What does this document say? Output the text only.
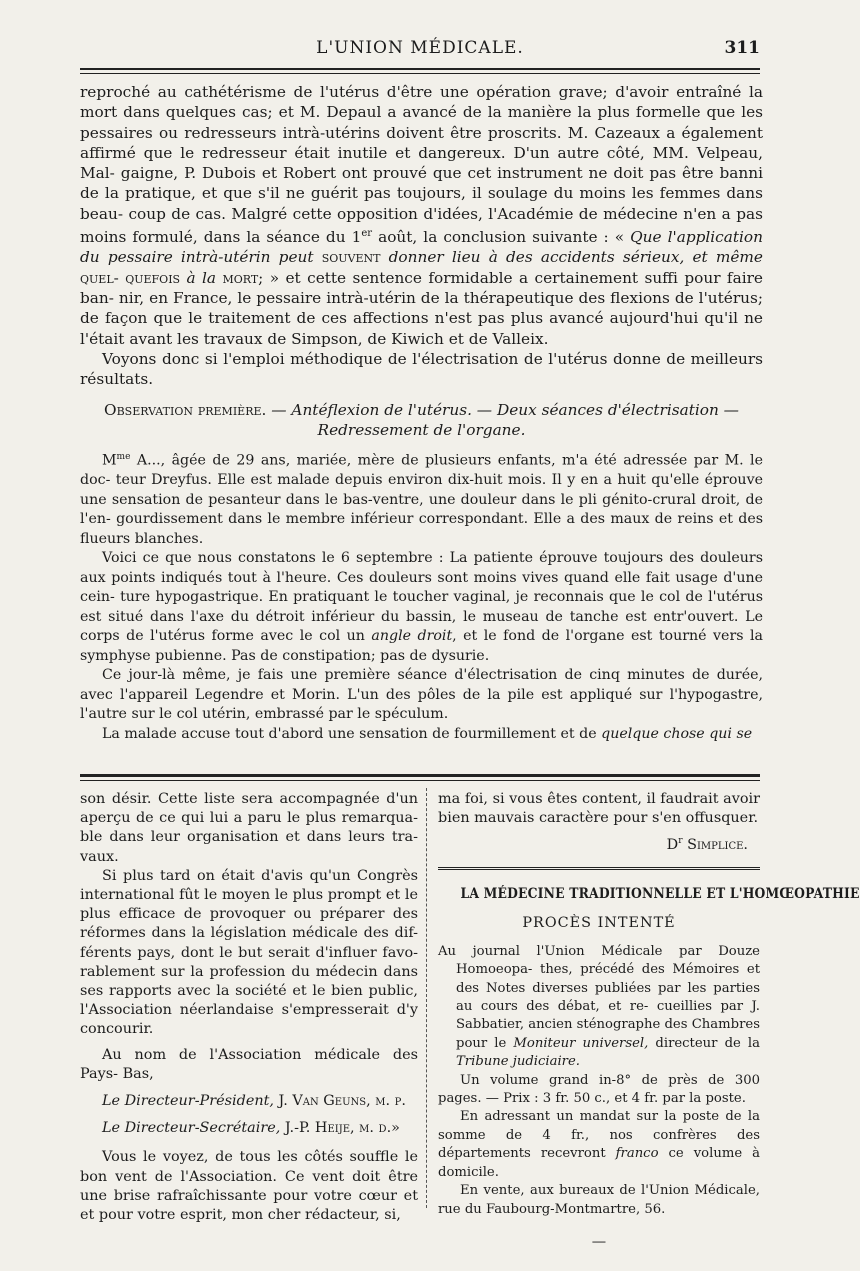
L'UNION MÉDICALE.	311

reproché au cathétérisme de l'utérus d'être une opération grave; d'avoir entraîné la mort dans quelques cas; et M. Depaul a avancé de la manière la plus formelle que les pessaires ou redresseurs intrà-utérins doivent être proscrits. M. Cazeaux a également affirmé que le redresseur était inutile et dangereux. D'un autre côté, MM. Velpeau, Mal- gaigne, P. Dubois et Robert ont prouvé que cet instrument ne doit pas être banni de la pratique, et que s'il ne guérit pas toujours, il soulage du moins les femmes dans beau- coup de cas. Malgré cette opposition d'idées, l'Académie de médecine n'en a pas moins formulé, dans la séance du 1er août, la conclusion suivante : « Que l'application du pessaire intrà-utérin peut souvent donner lieu à des accidents sérieux, et même quel- quefois à la mort; » et cette sentence formidable a certainement suffi pour faire ban- nir, en France, le pessaire intrà-utérin de la thérapeutique des flexions de l'utérus; de façon que le traitement de ces affections n'est pas plus avancé aujourd'hui qu'il ne l'était avant les travaux de Simpson, de Kiwich et de Valleix.

Voyons donc si l'emploi méthodique de l'électrisation de l'utérus donne de meilleurs résultats.

Observation première. — Antéflexion de l'utérus. — Deux séances d'électrisation —
Redressement de l'organe.

$M^{me}$ A..., âgée de 29 ans, mariée, mère de plusieurs enfants, m'a été adressée par M. le doc- teur Dreyfus. Elle est malade depuis environ dix-huit mois. Il y en a huit qu'elle éprouve une sensation de pesanteur dans le bas-ventre, une douleur dans le pli génito-crural droit, de l'en- gourdissement dans le membre inférieur correspondant. Elle a des maux de reins et des flueurs blanches.

Voici ce que nous constatons le 6 septembre : La patiente éprouve toujours des douleurs aux points indiqués tout à l'heure. Ces douleurs sont moins vives quand elle fait usage d'une cein- ture hypogastrique. En pratiquant le toucher vaginal, je reconnais que le col de l'utérus est situé dans l'axe du détroit inférieur du bassin, le museau de tanche est entr'ouvert. Le corps de l'utérus forme avec le col un angle droit, et le fond de l'organe est tourné vers la symphyse pubienne. Pas de constipation; pas de dysurie.

Ce jour-là même, je fais une première séance d'électrisation de cinq minutes de durée, avec l'appareil Legendre et Morin. L'un des pôles de la pile est appliqué sur l'hypogastre, l'autre sur le col utérin, embrassé par le spéculum.

La malade accuse tout d'abord une sensation de fourmillement et de quelque chose qui se

son désir. Cette liste sera accompagnée d'un aperçu de ce qui lui a paru le plus remarqua- ble dans leur organisation et dans leurs tra- vaux.

Si plus tard on était d'avis qu'un Congrès international fût le moyen le plus prompt et le plus efficace de provoquer ou préparer des réformes dans la législation médicale des dif- férents pays, dont le but serait d'influer favo- rablement sur la profession du médecin dans ses rapports avec la société et le bien public, l'Association néerlandaise s'empresserait d'y concourir.

Au nom de l'Association médicale des Pays- Bas,

Le Directeur-Président, J. Van Geuns, m. p.

Le Directeur-Secrétaire, J.-P. Heije, m. d.»

Vous le voyez, de tous les côtés souffle le bon vent de l'Association. Ce vent doit être une brise rafraîchissante pour votre cœur et et pour votre esprit, mon cher rédacteur, si,

ma foi, si vous êtes content, il faudrait avoir bien mauvais caractère pour s'en offusquer.

$D^r$ Simplice.

LA MÉDECINE TRADITIONNELLE ET L'HOMŒOPATHIE

PROCÈS INTENTÉ

Au journal l'Union Médicale par Douze Homoeopa- thes, précédé des Mémoires et des Notes diverses publiées par les parties au cours des débat, et re- cueillies par J. Sabbatier, ancien sténographe des Chambres pour le Moniteur universel, directeur de la Tribune judiciaire.

Un volume grand in-8° de près de 300 pages. — Prix : 3 fr. 50 c., et 4 fr. par la poste.

En adressant un mandat sur la poste de la somme de 4 fr., nos confrères des départements recevront franco ce volume à domicile.

En vente, aux bureaux de l'Union Médicale, rue du Faubourg-Montmartre, 56.

—
